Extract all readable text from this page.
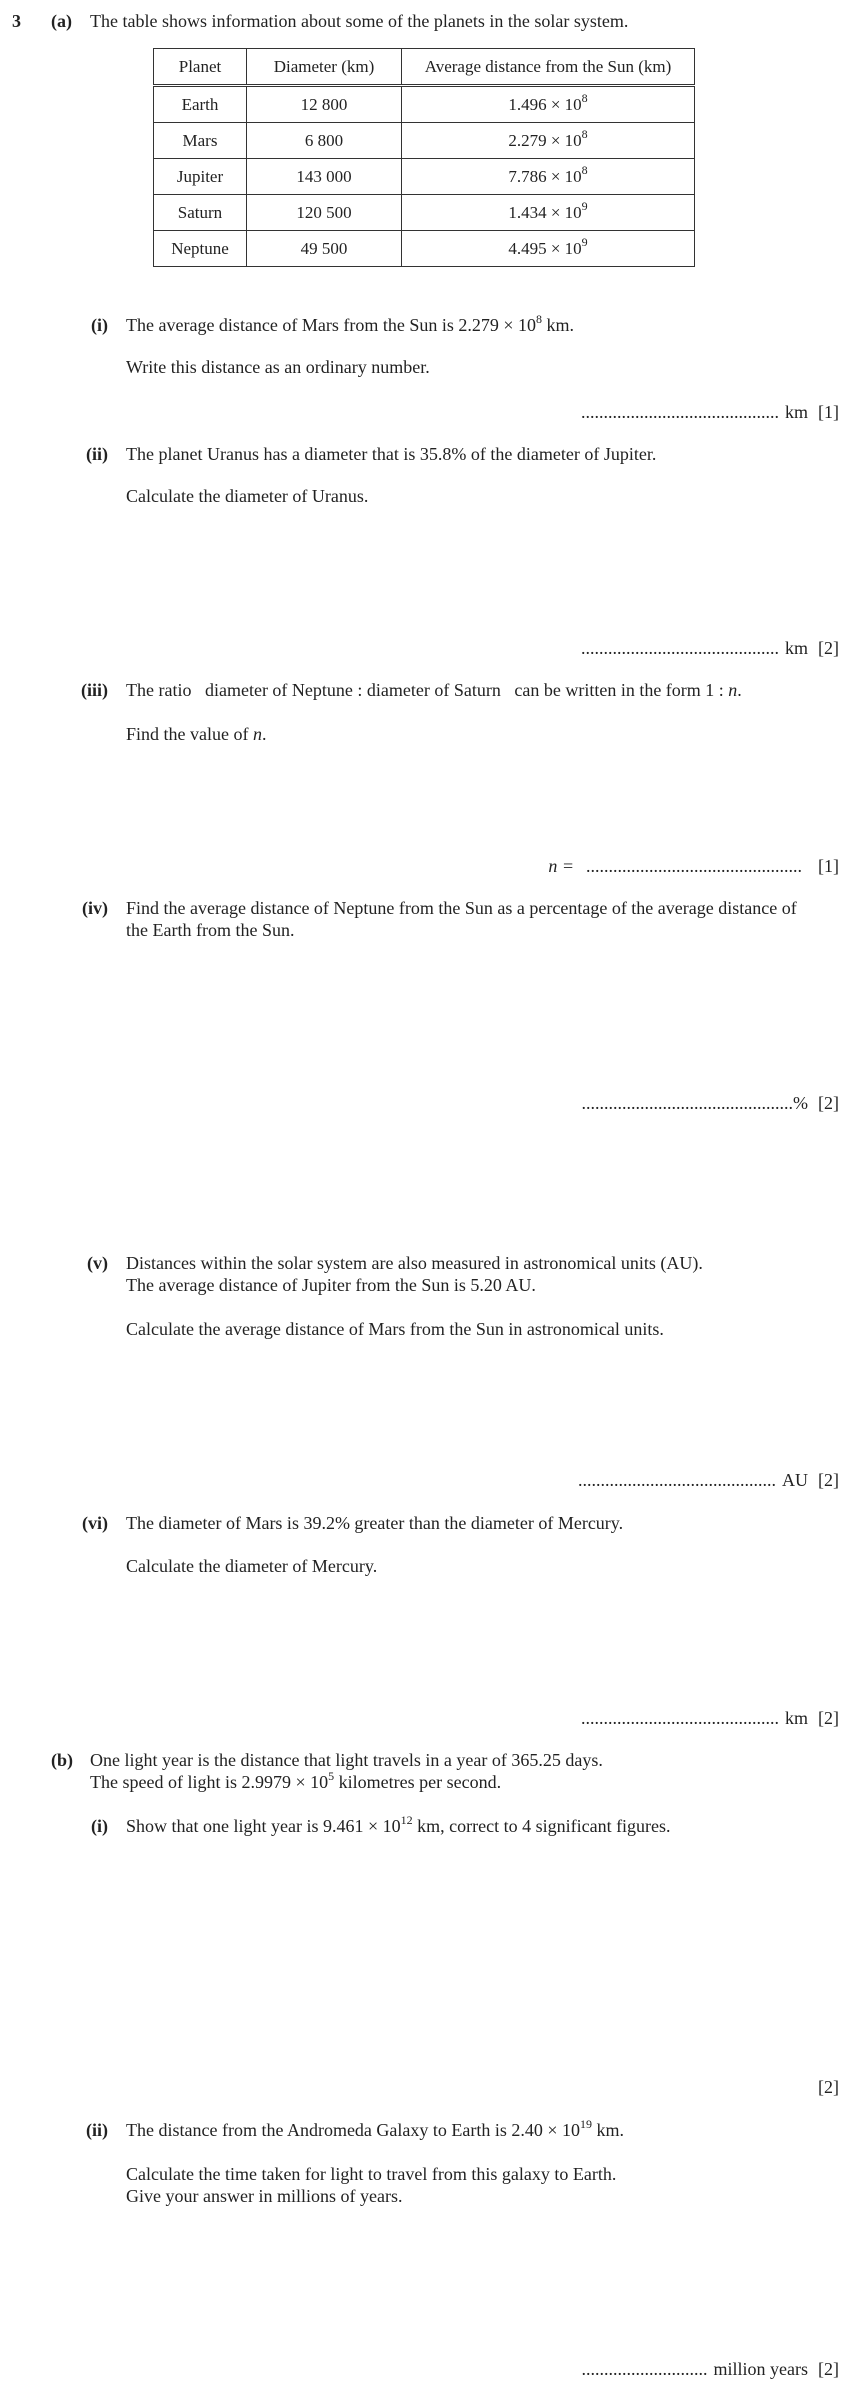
3 (a) The table shows information about some of the planets in the solar system.
Planet	Diameter (km)	Average distance from the Sun (km)
Earth	12 800	$1.496 \times 10^8$
Mars	6 800	$2.279 \times 10^8$
Jupiter	143 000	$7.786 \times 10^8$
Saturn	120 500	$1.434 \times 10^9$
Neptune	49 500	$4.495 \times 10^9$
(i) The average distance of Mars from the Sun is $2.279 \times 10^8$ km.
Write this distance as an ordinary number.
............................................ km [1]
(ii) The planet Uranus has a diameter that is 35.8% of the diameter of Jupiter.
Calculate the diameter of Uranus.
............................................ km [2]
(iii) The ratio   diameter of Neptune : diameter of Saturn   can be written in the form 1 : n.
Find the value of n.
n = ................................................ [1]
(iv) Find the average distance of Neptune from the Sun as a percentage of the average distance of
the Earth from the Sun.
...............................................% [2]
(v) Distances within the solar system are also measured in astronomical units (AU).
The average distance of Jupiter from the Sun is 5.20 AU.
Calculate the average distance of Mars from the Sun in astronomical units.
............................................ AU [2]
(vi) The diameter of Mars is 39.2% greater than the diameter of Mercury.
Calculate the diameter of Mercury.
............................................ km [2]
(b) One light year is the distance that light travels in a year of 365.25 days.
The speed of light is $2.9979 \times 10^5$ kilometres per second.
(i) Show that one light year is $9.461 \times 10^{12}$ km, correct to 4 significant figures.
[2]
(ii) The distance from the Andromeda Galaxy to Earth is $2.40 \times 10^{19}$ km.
Calculate the time taken for light to travel from this galaxy to Earth.
Give your answer in millions of years.
............................ million years [2]
